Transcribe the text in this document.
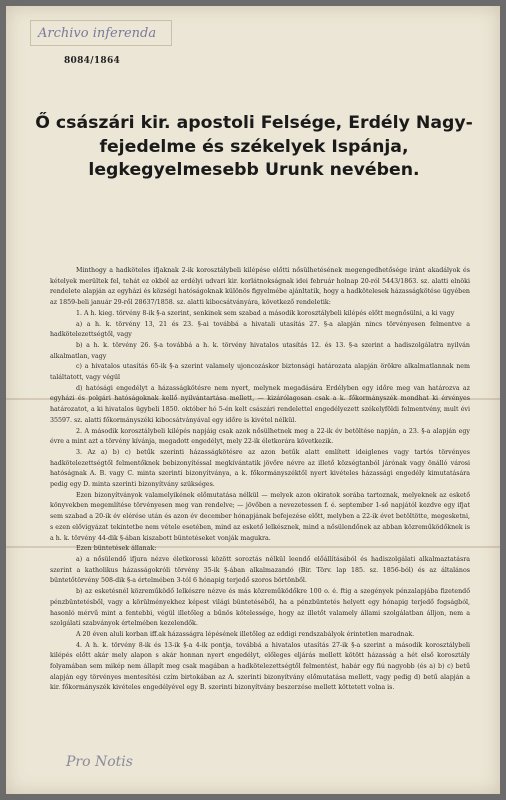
Archivo inferenda
8084/1864
Ő császári kir. apostoli Felsége, Erdély Nagy-fejedelme és székelyek Ispánja, legkegyelmesebb Urunk nevében.

Minthogy a hadköteles ifjaknak 2-ik korosztálybeli kilépése előtti nősülhetésének megengedhetősége iránt akadályok és kételyek merültek fel, tehát ez okból az erdélyi udvari kir. korlátnokságnak idei február holnap 20-ról 5443/1863. sz. alatti elnöki rendelete alapján az egyházi és községi hatóságoknak különös figyelmébe ajánltatik, hogy a hadkötelesek házasságkötése ügyében az 1859-beli január 29-ről 28637/1858. sz. alatti kibocsátványára, következő rendeletik:

1. A h. kieg. törvény 8-ik §-a szerint, senkinek sem szabad a második korosztálybeli kilépés előtt megnősülni, a ki vagy

a) a h. k. törvény 13, 21 és 23. §-ai továbbá a hivatali utasítás 27. §-a alapján nincs törvényesen felmentve a hadkötelezettségtől, vagy

b) a h. k. törvény 26. §-a továbbá a h. k. törvény hivatalos utasítás 12. és 13. §-a szerint a hadiszolgálatra nyilván alkalmatlan, vagy

c) a hivatalos utasítás 65-ik §-a szerint valamely ujoncozáskor biztonsági határozata alapján örökre alkalmatlannak nem találtatott, vagy végül

d) hatósági engedélyt a házasságkötésre nem nyert, melynek megadására Erdélyben egy időre meg van határozva az egyházi és polgári hatóságoknak kellő nyilvántartása mellett, — kizárólagosan csak a k. főkormányszék mondhat ki érvényes határozatot, a ki hivatalos ügybeli 1850. október hó 5-én kelt császári rendelettel engedélyezett székelyföldi felmentvény, mult évi 35597. sz. alatti főkormányszéki kibocsátványával egy időre is kivétel nélkül.

2. A második korosztálybeli kilépés napjáig csak azok nősülhetnek meg a 22-ik év betöltése napján, a 23. §-a alapján egy évre a mint azt a törvény kívánja, megadott engedélyt, mely 22-ik életkorára következik.

3. Az a) b) c) betűk szerinti házasságkötésre az azon betűk alatt említett ideiglenes vagy tartós törvényes hadkötelezettségtől felmentőknek bebizonyítéssal megkívántatik jövőre névre az illető községtanból járónak vagy önálló városi hatóságnak A. B. vagy C. minta szerinti bizonyítványa, a k. főkormányszéktől nyert kivételes házassági engedély kimutatására pedig egy D. minta szerinti bizonyítvány szükséges.

Ezen bizonyítványok valamelyikének előmutatása nélkül — melyek azon okiratok sorába tartoznak, melyeknek az eskető könyvekben megemlítése törvényesen meg van rendelve; — jövőben a nevezetessen f. é. september 1-ső napjától kezdve egy ifjat sem szabad a 20-ik év elérése után és azon év december hónapjának befejezése előtt, melyben a 22-ik évet betöltötte, megesketni, s ezen elővigyázat tekintetbe nem vétele esetében, mind az eskető lelkésznek, mind a nősülendőnek az abban közreműködőknek is a h. k. törvény 44-dik §-ában kiszabott büntetéseket vonják magukra.

Ezen büntetések állanak:

a) a nősülendő ifjura nézve életkorossi között soroztás nélkül leendő előállításából és hadiszolgálati alkalmaztatásra szerint a katholikus házasságokróli törvény 35-ik §-ában alkalmazandó (Bir. Törv. lap 185. sz. 1856-ból) és az általános büntetőtörvény 508-dik §-a értelmében 3-tól 6 hónapig terjedő szoros börtönből.

b) az esketésnél közreműködő lelkészre nézve és más közreműködőkre 100 o. é. ftig a szegények pénzalapjába fizetendő pénzbüntetésből, vagy a körülményekhez képest világi büntetéséből, ha a pénzbüntetés helyett egy hónapig terjedő fogságból, hasonló mérvű mint a fentebbi, végül illetőleg a bűnös kötelessége, hogy az illetőt valamely állami szolgálatban álljon, nem a szolgálati szabványok értelmében kezelendők.

A 20 éven aluli korban iff.ak házasságra lépésének illetőleg az eddigi rendszabályok érintetlen maradnak.

4. A h. k. törvény 8-ik és 13-ik §-a 4-ik pontja, továbbá a hivatalos utasítás 27-ik §-a szerint a második korosztálybeli kilépés előtt akár mely alapon s akár honnan nyert engedélyt, előleges eljárás mellett kötött házasság a hét első korosztály folyamában sem mikép nem állapít meg csak magában a hadkötelezettségtől felmentést, habár egy fiú nagyobb (és a) b) c) betű alapján egy törvényes mentesítési czím birtokában az A. szerinti bizonyítvány előmutatása mellett, vagy pedig d) betű alapján a kir. főkormányszék kivételes engedélyével egy B. szerinti bizonyítvány beszerzése mellett köttetett volna is.

Pro Notis
